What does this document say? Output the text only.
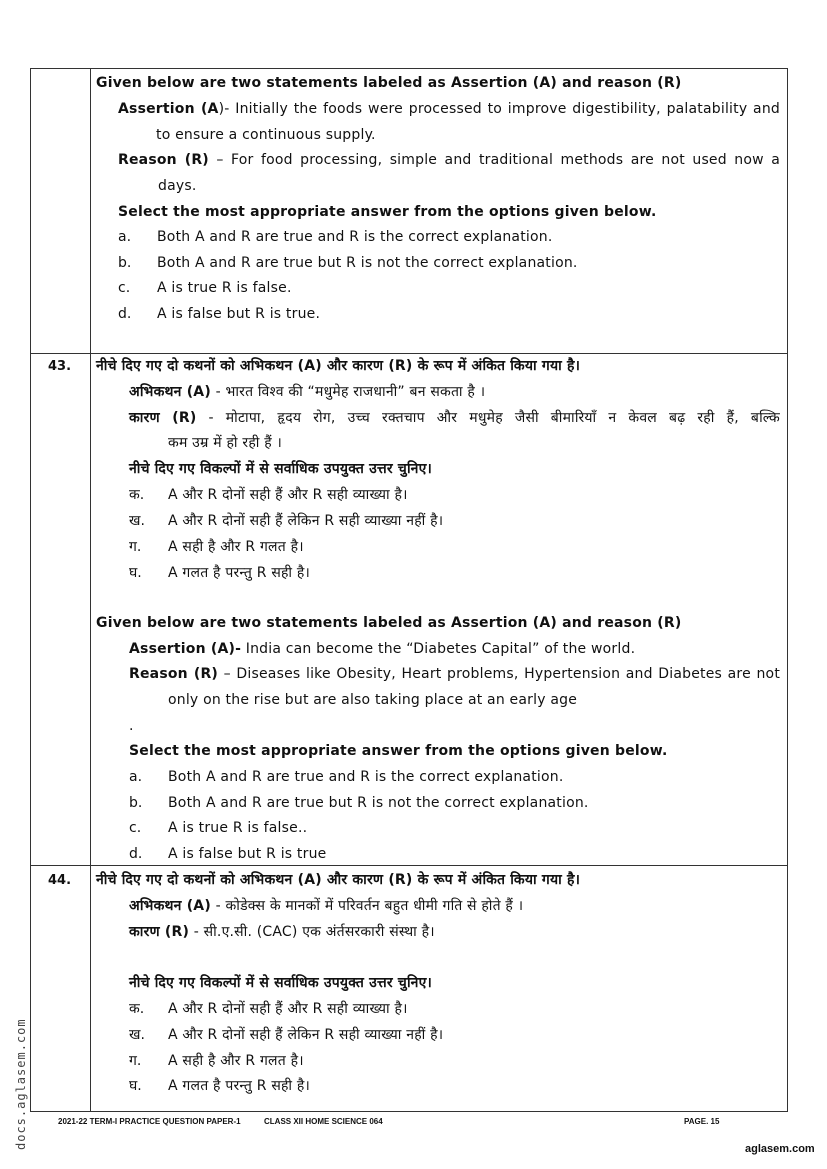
Given below are two statements labeled as Assertion (A) and reason (R)
Assertion (A)- Initially the foods were processed to improve digestibility, palatability and
to ensure a continuous supply.
Reason (R) – For food processing, simple and traditional methods are not used now a
days.
Select the most appropriate answer from the options given below.
a. Both A and R are true and R is the correct explanation.
b. Both A and R are true but R is not the correct explanation.
c. A is true R is false.
d. A is false but R is true.
43. नीचे दिए गए दो कथनों को अभिकथन (A) और कारण (R) के रूप में अंकित किया गया है।
अभिकथन (A) - भारत विश्व की “मधुमेह राजधानी” बन सकता है ।
कारण (R) - मोटापा, हृदय रोग, उच्च रक्तचाप और मधुमेह जैसी बीमारियाँ न केवल बढ़ रही हैं, बल्कि
कम उम्र में हो रही हैं ।
नीचे दिए गए विकल्पों में से सर्वाधिक उपयुक्त उत्तर चुनिए।
क. A और R दोनों सही हैं और R सही व्याख्या है।
ख. A और R दोनों सही हैं लेकिन R सही व्याख्या नहीं है।
ग. A सही है और R गलत है।
घ. A गलत है परन्तु R सही है।
Given below are two statements labeled as Assertion (A) and reason (R)
Assertion (A)- India can become the “Diabetes Capital” of the world.
Reason (R) – Diseases like Obesity, Heart problems, Hypertension and Diabetes are not
only on the rise but are also taking place at an early age
.
Select the most appropriate answer from the options given below.
a. Both A and R are true and R is the correct explanation.
b. Both A and R are true but R is not the correct explanation.
c. A is true R is false..
d. A is false but R is true
44. नीचे दिए गए दो कथनों को अभिकथन (A) और कारण (R) के रूप में अंकित किया गया है।
अभिकथन (A) - कोडेक्स के मानकों में परिवर्तन बहुत धीमी गति से होते हैं ।
कारण (R) - सी.ए.सी. (CAC) एक अंर्तसरकारी संस्था है।
नीचे दिए गए विकल्पों में से सर्वाधिक उपयुक्त उत्तर चुनिए।
क. A और R दोनों सही हैं और R सही व्याख्या है।
ख. A और R दोनों सही हैं लेकिन R सही व्याख्या नहीं है।
ग. A सही है और R गलत है।
घ. A गलत है परन्तु R सही है।
2021-22 TERM-I PRACTICE QUESTION PAPER-1	CLASS XII HOME SCIENCE 064	PAGE. 15
aglasem.com
docs.aglasem.com
